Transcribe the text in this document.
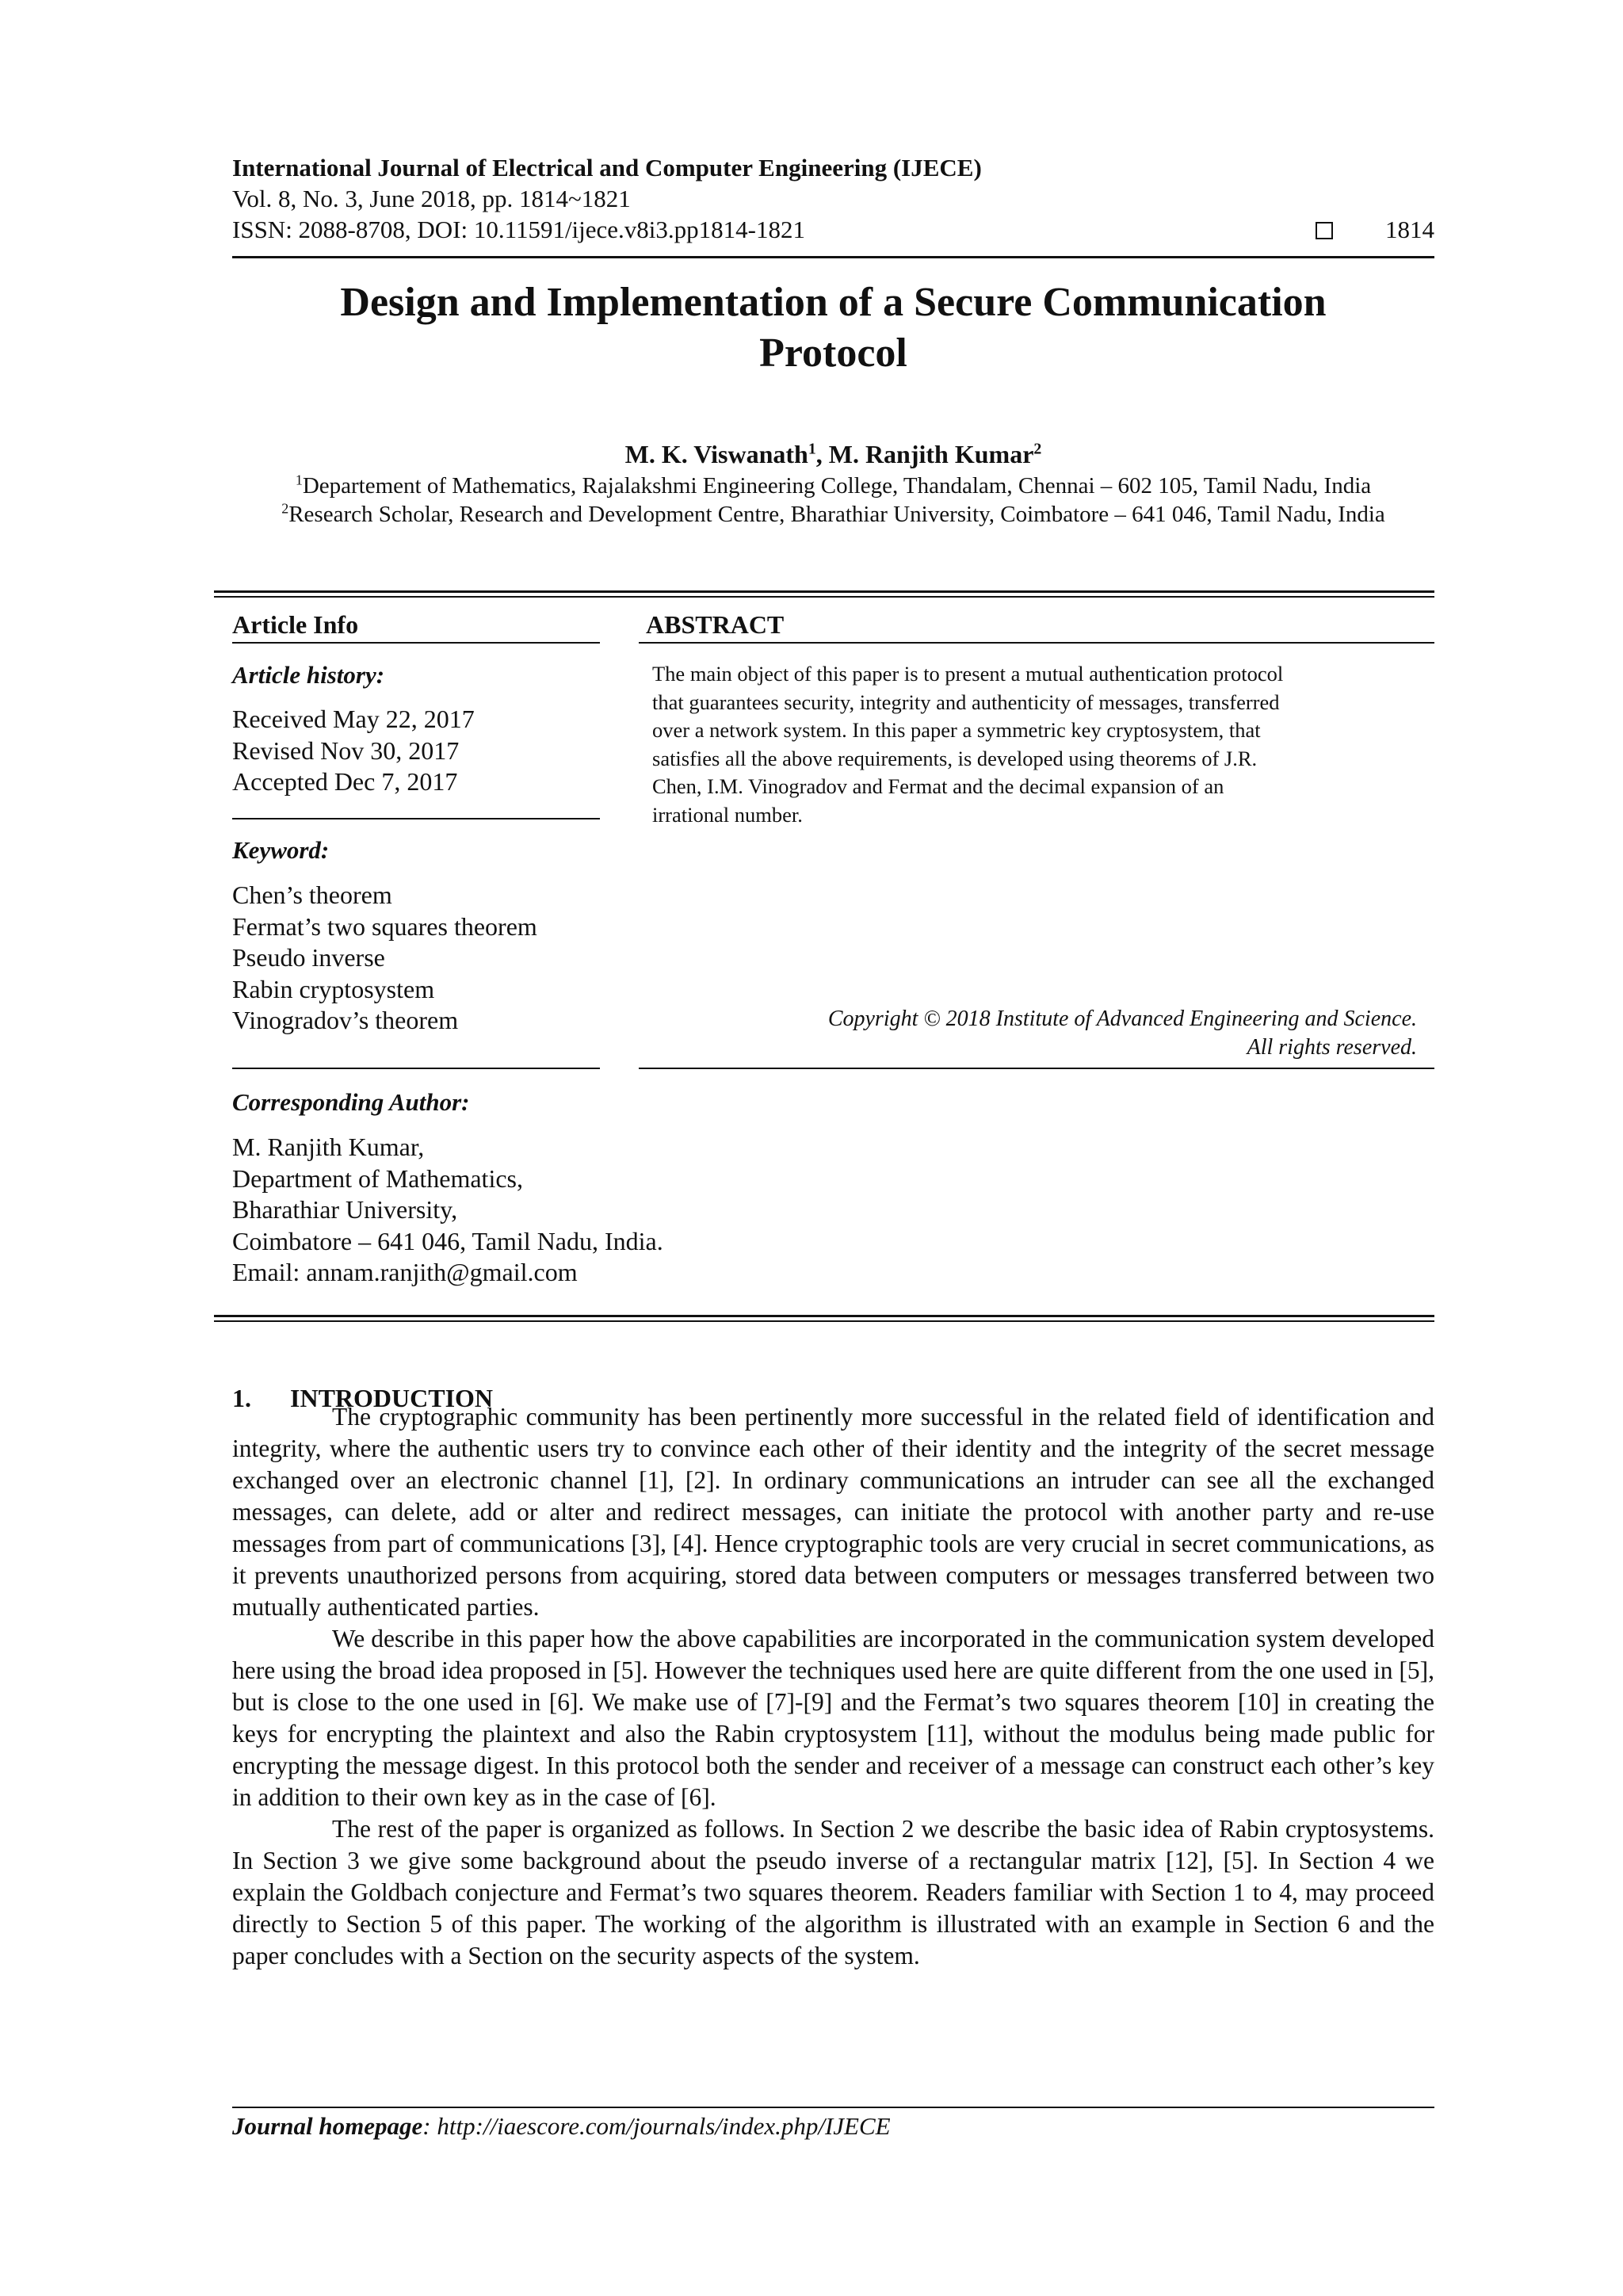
International Journal of Electrical and Computer Engineering (IJECE)
Vol. 8, No. 3, June 2018, pp. 1814~1821
ISSN: 2088-8708, DOI: 10.11591/ijece.v8i3.pp1814-1821	1814
Design and Implementation of a Secure Communication
Protocol
M. K. Viswanath$^1$, M. Ranjith Kumar$^2$
$^1$Departement of Mathematics, Rajalakshmi Engineering College, Thandalam, Chennai – 602 105, Tamil Nadu, India
$^2$Research Scholar, Research and Development Centre, Bharathiar University, Coimbatore – 641 046, Tamil Nadu, India
Article Info
Article history:
Received May 22, 2017
Revised Nov 30, 2017
Accepted Dec 7, 2017
Keyword:
Chen’s theorem
Fermat’s two squares theorem
Pseudo inverse
Rabin cryptosystem
Vinogradov’s theorem
Corresponding Author:
M. Ranjith Kumar,
Department of Mathematics,
Bharathiar University,
Coimbatore – 641 046, Tamil Nadu, India.
Email: annam.ranjith@gmail.com
ABSTRACT
The main object of this paper is to present a mutual authentication protocol
that guarantees security, integrity and authenticity of messages, transferred
over a network system. In this paper a symmetric key cryptosystem, that
satisfies all the above requirements, is developed using theorems of J.R.
Chen, I.M. Vinogradov and Fermat and the decimal expansion of an
irrational number.
Copyright © 2018 Institute of Advanced Engineering and Science.
All rights reserved.
1. INTRODUCTION

The cryptographic community has been pertinently more successful in the related field of identification and integrity, where the authentic users try to convince each other of their identity and the integrity of the secret message exchanged over an electronic channel [1], [2]. In ordinary communications an intruder can see all the exchanged messages, can delete, add or alter and redirect messages, can initiate the protocol with another party and re-use messages from part of communications [3], [4]. Hence cryptographic tools are very crucial in secret communications, as it prevents unauthorized persons from acquiring, stored data between computers or messages transferred between two mutually authenticated parties.

We describe in this paper how the above capabilities are incorporated in the communication system developed here using the broad idea proposed in [5]. However the techniques used here are quite different from the one used in [5], but is close to the one used in [6]. We make use of [7]-[9] and the Fermat’s two squares theorem [10] in creating the keys for encrypting the plaintext and also the Rabin cryptosystem [11], without the modulus being made public for encrypting the message digest. In this protocol both the sender and receiver of a message can construct each other’s key in addition to their own key as in the case of [6].

The rest of the paper is organized as follows. In Section 2 we describe the basic idea of Rabin cryptosystems. In Section 3 we give some background about the pseudo inverse of a rectangular matrix [12], [5]. In Section 4 we explain the Goldbach conjecture and Fermat’s two squares theorem. Readers familiar with Section 1 to 4, may proceed directly to Section 5 of this paper. The working of the algorithm is illustrated with an example in Section 6 and the paper concludes with a Section on the security aspects of the system.

Journal homepage: http://iaescore.com/journals/index.php/IJECE
